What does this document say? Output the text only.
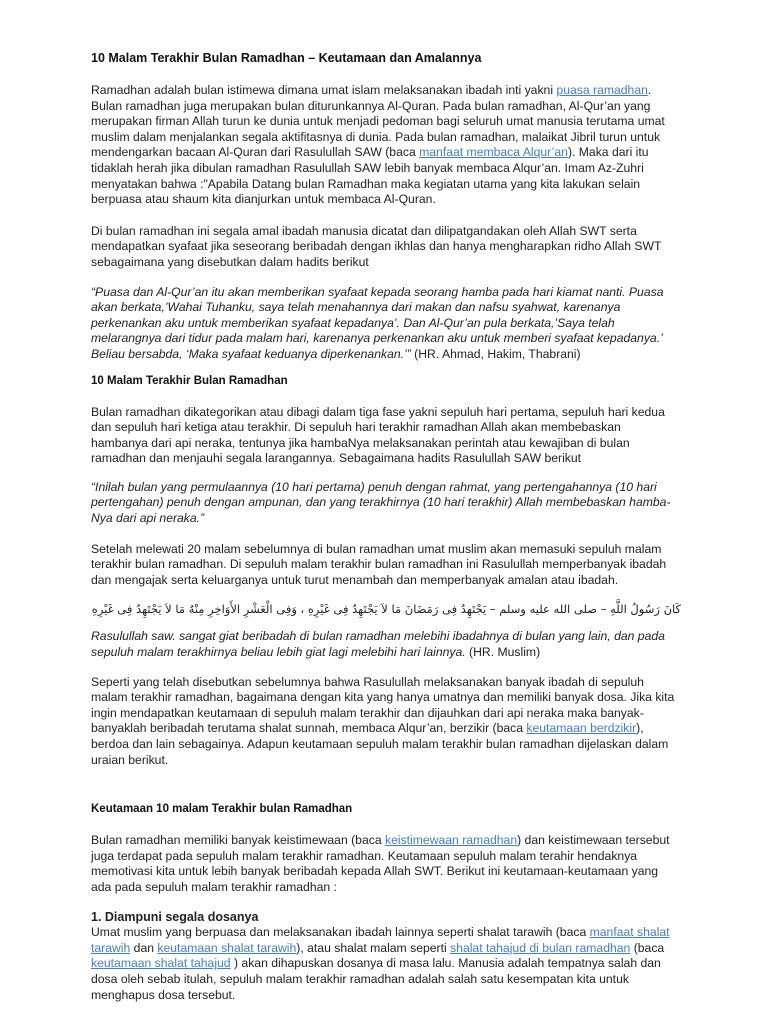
10 Malam Terakhir Bulan Ramadhan – Keutamaan dan Amalannya

Ramadhan adalah bulan istimewa dimana umat islam melaksanakan ibadah inti yakni puasa ramadhan. Bulan ramadhan juga merupakan bulan diturunkannya Al-Quran. Pada bulan ramadhan, Al-Qur’an yang merupakan firman Allah turun ke dunia untuk menjadi pedoman bagi seluruh umat manusia terutama umat muslim dalam menjalankan segala aktifitasnya di dunia. Pada bulan ramadhan, malaikat Jibril turun untuk mendengarkan bacaan Al-Quran dari Rasulullah SAW (baca manfaat membaca Alqur’an). Maka dari itu tidaklah herah jika dibulan ramadhan Rasulullah SAW lebih banyak membaca Alqur’an. Imam Az-Zuhri menyatakan bahwa :"Apabila Datang bulan Ramadhan maka kegiatan utama yang kita lakukan selain berpuasa atau shaum kita dianjurkan untuk membaca Al-Quran.

Di bulan ramadhan ini segala amal ibadah manusia dicatat dan dilipatgandakan oleh Allah SWT serta mendapatkan syafaat jika seseorang beribadah dengan ikhlas dan hanya mengharapkan ridho Allah SWT sebagaimana yang disebutkan dalam hadits berikut

“Puasa dan Al-Qur’an itu akan memberikan syafaat kepada seorang hamba pada hari kiamat nanti. Puasa akan berkata,’Wahai Tuhanku, saya telah menahannya dari makan dan nafsu syahwat, karenanya perkenankan aku untuk memberikan syafaat kepadanya’. Dan Al-Qur’an pula berkata,’Saya telah melarangnya dari tidur pada malam hari, karenanya perkenankan aku untuk memberi syafaat kepadanya.’ Beliau bersabda, ‘Maka syafaat keduanya diperkenankan.’” (HR. Ahmad, Hakim, Thabrani)

10 Malam Terakhir Bulan Ramadhan

Bulan ramadhan dikategorikan atau dibagi dalam tiga fase yakni sepuluh hari pertama, sepuluh hari kedua dan sepuluh hari ketiga atau terakhir. Di sepuluh hari terakhir ramadhan Allah akan membebaskan hambanya dari api neraka, tentunya jika hambaNya melaksanakan perintah atau kewajiban di bulan ramadhan dan menjauhi segala larangannya. Sebagaimana hadits Rasulullah SAW berikut

“Inilah bulan yang permulaannya (10 hari pertama) penuh dengan rahmat, yang pertengahannya (10 hari pertengahan) penuh dengan ampunan, dan yang terakhirnya (10 hari terakhir) Allah membebaskan hamba-Nya dari api neraka.”

Setelah melewati 20 malam sebelumnya di bulan ramadhan umat muslim akan memasuki sepuluh malam terakhir bulan ramadhan. Di sepuluh malam terakhir bulan ramadhan ini Rasulullah memperbanyak ibadah dan mengajak serta keluarganya untuk turut menambah dan memperbanyak amalan atau ibadah.

كَانَ رَسُولُ اللَّهِ – صلى الله عليه وسلم – يَجْتَهِدُ فِى رَمَضَانَ مَا لاَ يَجْتَهِدُ فِى غَيْرِهِ ، وَفِى الْعَشْرِ الأَوَاخِرِ مِنْهُ مَا لاَ يَجْتَهِدُ فِى غَيْرِهِ

Rasulullah saw. sangat giat beribadah di bulan ramadhan melebihi ibadahnya di bulan yang lain, dan pada sepuluh malam terakhirnya beliau lebih giat lagi melebihi hari lainnya. (HR. Muslim)

Seperti yang telah disebutkan sebelumnya bahwa Rasulullah melaksanakan banyak ibadah di sepuluh malam terakhir ramadhan, bagaimana dengan kita yang hanya umatnya dan memiliki banyak dosa. Jika kita ingin mendapatkan keutamaan di sepuluh malam terakhir dan dijauhkan dari api neraka maka banyak-banyaklah beribadah terutama shalat sunnah, membaca Alqur’an, berzikir (baca keutamaan berdzikir), berdoa dan lain sebagainya. Adapun keutamaan sepuluh malam terakhir bulan ramadhan dijelaskan dalam uraian berikut.

Keutamaan 10 malam Terakhir bulan Ramadhan

Bulan ramadhan memiliki banyak keistimewaan (baca keistimewaan ramadhan) dan keistimewaan tersebut juga terdapat pada sepuluh malam terakhir ramadhan. Keutamaan sepuluh malam terahir hendaknya memotivasi kita untuk lebih banyak beribadah kepada Allah SWT. Berikut ini keutamaan-keutamaan yang ada pada sepuluh malam terakhir ramadhan :

1. Diampuni segala dosanya

Umat muslim yang berpuasa dan melaksanakan ibadah lainnya seperti shalat tarawih (baca manfaat shalat tarawih dan keutamaan shalat tarawih), atau shalat malam seperti shalat tahajud di bulan ramadhan (baca keutamaan shalat tahajud ) akan dihapuskan dosanya di masa lalu. Manusia adalah tempatnya salah dan dosa oleh sebab itulah, sepuluh malam terakhir ramadhan adalah salah satu kesempatan kita untuk menghapus dosa tersebut.
